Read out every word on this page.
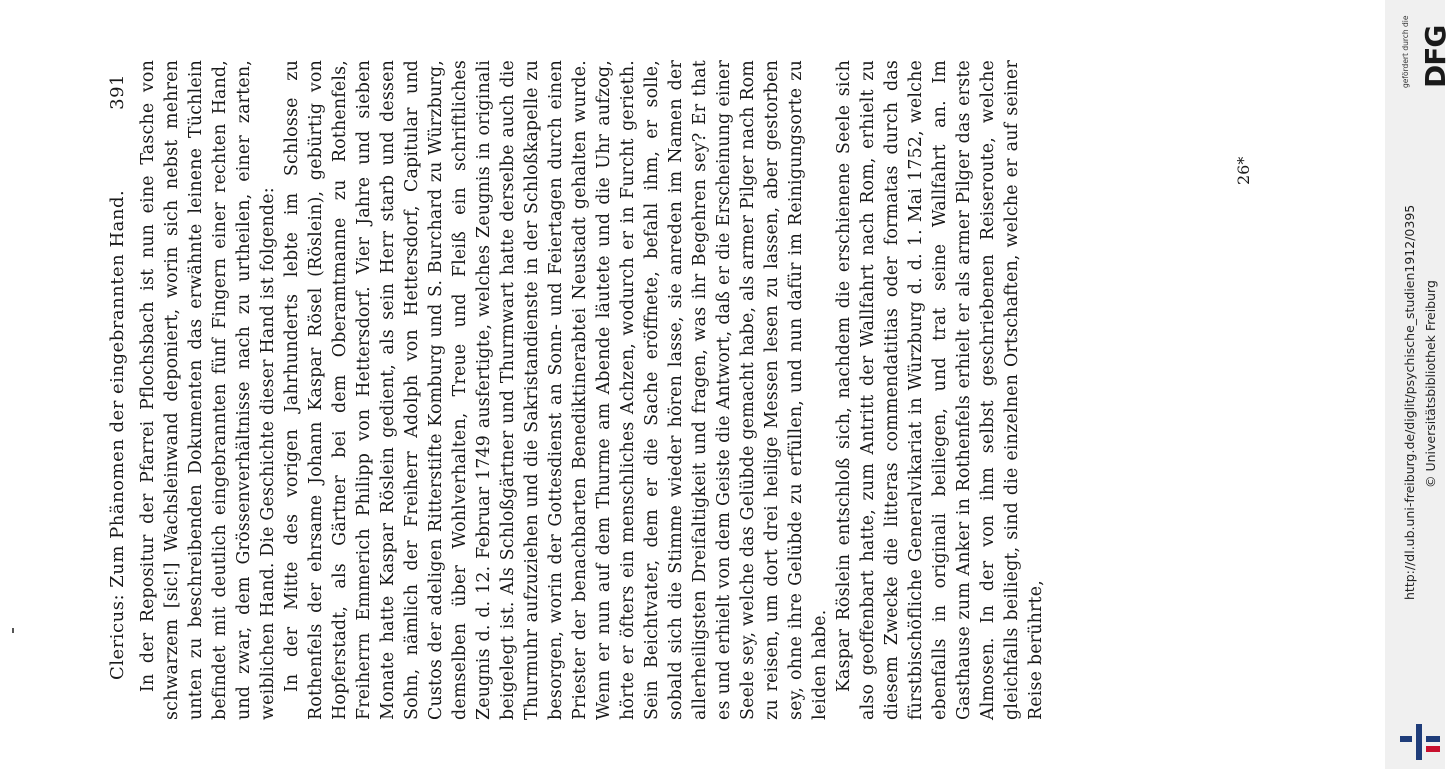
Clericus: Zum Phänomen der eingebrannten Hand.
391 In der Repositur der Pfarrei Pflochsbach ist nun eine Tasche von schwarzem [sic!] Wachsleinwand deponiert, worin sich nebst mehren unten zu beschreibenden Dokumenten das erwähnte leinene Tüchlein befindet mit deutlich eingebrannten fünf Fingern einer rechten Hand, und zwar, dem Grössenverhältnisse nach zu urtheilen, einer zarten, weiblichen Hand. Die Geschichte dieser Hand ist folgende: In der Mitte des vorigen Jahrhunderts lebte im Schlosse zu Rothenfels der ehrsame Johann Kaspar Rösel (Röslein), gebürtig von Hopferstadt, als Gärtner bei dem Oberamtmanne zu Rothenfels, Freiherrn Emmerich Philipp von Hettersdorf. Vier Jahre und sieben Monate hatte Kaspar Röslein gedient, als sein Herr starb und dessen Sohn, nämlich der Freiherr Adolph von Hettersdorf, Capitular und Custos der adeligen Ritterstifte Komburg und S. Burchard zu Würzburg, demselben über Wohlverhalten, Treue und Fleiß ein schriftliches Zeugnis d. d. 12. Februar 1749 ausfertigte, welches Zeugnis in originali beigelegt ist. Als Schloßgärtner und Thurmwart hatte derselbe auch die Thurmuhr aufzuziehen und die Sakristandienste in der Schloßkapelle zu besorgen, worin der Gottesdienst an Sonn- und Feiertagen durch einen Priester der benachbarten Benediktinerabtei Neustadt gehalten wurde. Wenn er nun auf dem Thurme am Abende läutete und die Uhr aufzog, hörte er öfters ein menschliches Achzen, wodurch er in Furcht gerieth. Sein Beichtvater, dem er die Sache eröffnete, befahl ihm, er solle, sobald sich die Stimme wieder hören lasse, sie anreden im Namen der allerheiligsten Dreifaltigkeit und fragen, was ihr Begehren sey? Er that es und erhielt von dem Geiste die Antwort, daß er die Erscheinung einer Seele sey, welche das Gelübde gemacht habe, als armer Pilger nach Rom zu reisen, um dort drei heilige Messen lesen zu lassen, aber gestorben sey, ohne ihre Gelübde zu erfüllen, und nun dafür im Reinigungsorte zu leiden habe. Kaspar Röslein entschloß sich, nachdem die erschienene Seele sich also geoffenbart hatte, zum Antritt der Wallfahrt nach Rom, erhielt zu diesem Zwecke die litteras commendatitias oder formatas durch das fürstbischöfliche Generalvikariat in Würzburg d. d. 1. Mai 1752, welche ebenfalls in originali beiliegen, und trat seine Wallfahrt an. Im Gasthause zum Anker in Rothenfels erhielt er als armer Pilger das erste Almosen. In der von ihm selbst geschriebenen Reiseroute, welche gleichfalls beiliegt, sind die einzelnen Ortschaften, welche er auf seiner Reise berührte,

26*
DFG
gefördert durch die
http://dl.ub.uni-freiburg.de/diglit/psychische_studien1912/0395 © Universitätsbibliothek Freiburg
